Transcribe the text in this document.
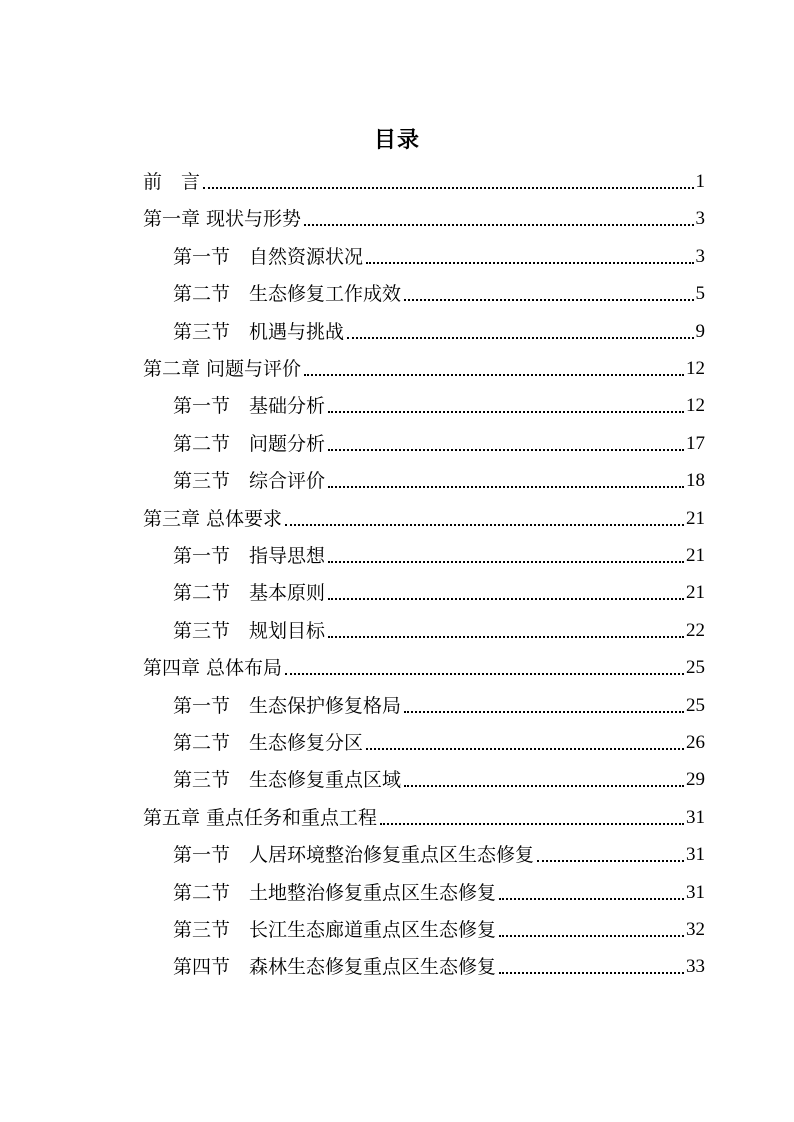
目录
前　言	1
第一章 现状与形势	3
第一节　自然资源状况	3
第二节　生态修复工作成效	5
第三节　机遇与挑战	9
第二章 问题与评价	12
第一节　基础分析	12
第二节　问题分析	17
第三节　综合评价	18
第三章 总体要求	21
第一节　指导思想	21
第二节　基本原则	21
第三节　规划目标	22
第四章 总体布局	25
第一节　生态保护修复格局	25
第二节　生态修复分区	26
第三节　生态修复重点区域	29
第五章 重点任务和重点工程	31
第一节　人居环境整治修复重点区生态修复	31
第二节　土地整治修复重点区生态修复	31
第三节　长江生态廊道重点区生态修复	32
第四节　森林生态修复重点区生态修复	33
